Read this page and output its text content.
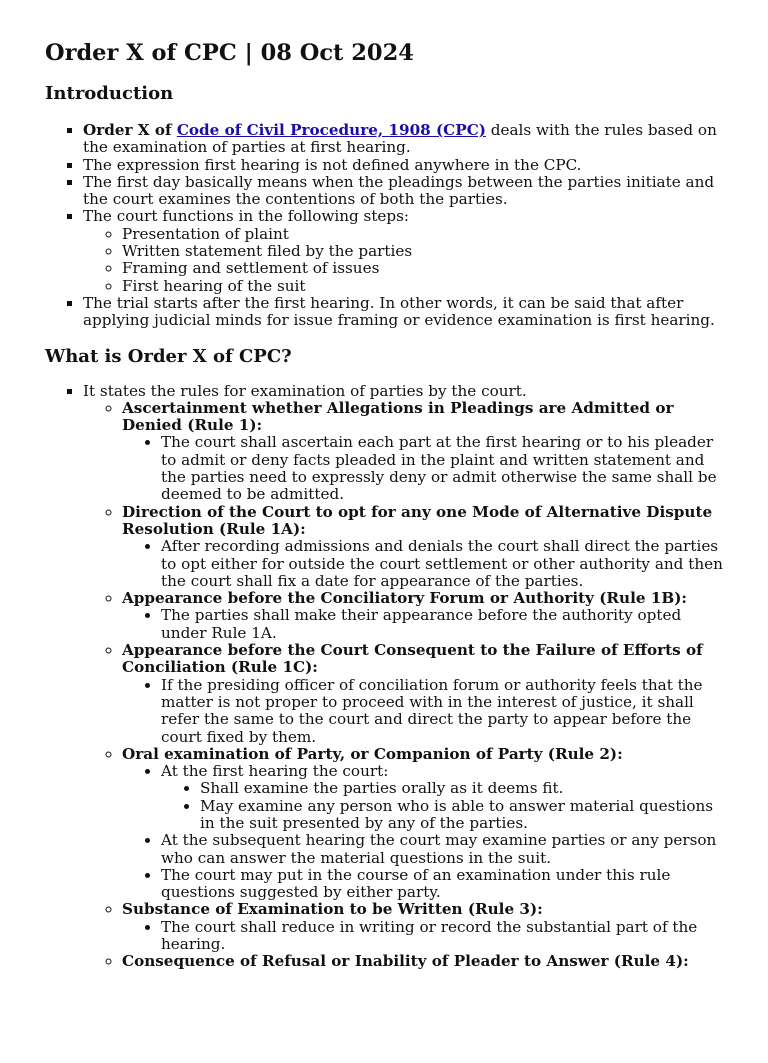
Order X of CPC | 08 Oct 2024
Introduction
▪ Order X of Code of Civil Procedure, 1908 (CPC) deals with the rules based on the examination of parties at first hearing.
▪ The expression first hearing is not defined anywhere in the CPC.
▪ The first day basically means when the pleadings between the parties initiate and the court examines the contentions of both the parties.
▪ The court functions in the following steps:
◦ Presentation of plaint
◦ Written statement filed by the parties
◦ Framing and settlement of issues
◦ First hearing of the suit
▪ The trial starts after the first hearing. In other words, it can be said that after applying judicial minds for issue framing or evidence examination is first hearing.
What is Order X of CPC?
▪ It states the rules for examination of parties by the court.
◦ Ascertainment whether Allegations in Pleadings are Admitted or Denied (Rule 1):
• The court shall ascertain each part at the first hearing or to his pleader to admit or deny facts pleaded in the plaint and written statement and the parties need to expressly deny or admit otherwise the same shall be deemed to be admitted.
◦ Direction of the Court to opt for any one Mode of Alternative Dispute Resolution (Rule 1A):
• After recording admissions and denials the court shall direct the parties to opt either for outside the court settlement or other authority and then the court shall fix a date for appearance of the parties.
◦ Appearance before the Conciliatory Forum or Authority (Rule 1B):
• The parties shall make their appearance before the authority opted under Rule 1A.
◦ Appearance before the Court Consequent to the Failure of Efforts of Conciliation (Rule 1C):
• If the presiding officer of conciliation forum or authority feels that the matter is not proper to proceed with in the interest of justice, it shall refer the same to the court and direct the party to appear before the court fixed by them.
◦ Oral examination of Party, or Companion of Party (Rule 2):
• At the first hearing the court:
• Shall examine the parties orally as it deems fit.
• May examine any person who is able to answer material questions in the suit presented by any of the parties.
• At the subsequent hearing the court may examine parties or any person who can answer the material questions in the suit.
• The court may put in the course of an examination under this rule questions suggested by either party.
◦ Substance of Examination to be Written (Rule 3):
• The court shall reduce in writing or record the substantial part of the hearing.
◦ Consequence of Refusal or Inability of Pleader to Answer (Rule 4):
